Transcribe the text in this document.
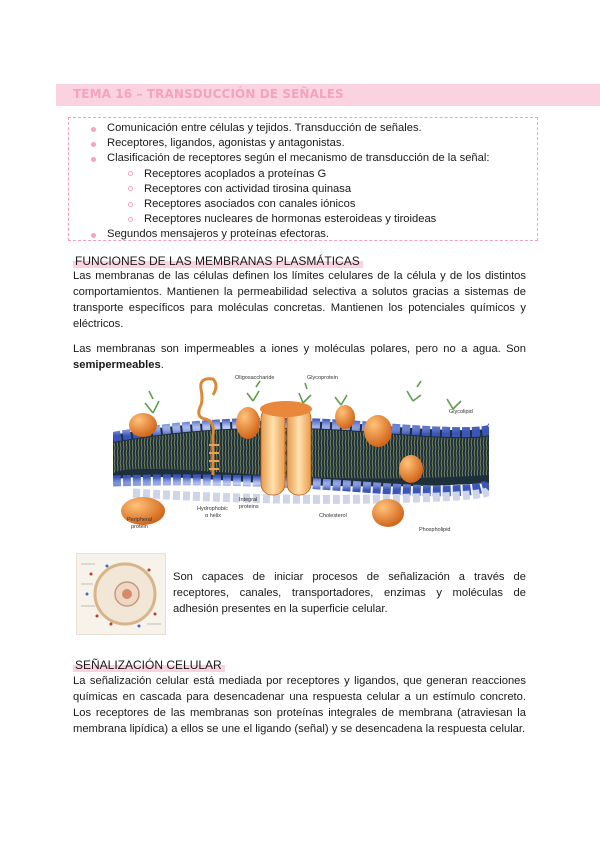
TEMA 16 – TRANSDUCCIÓN DE SEÑALES
Comunicación entre células y tejidos. Transducción de señales.
Receptores, ligandos, agonistas y antagonistas.
Clasificación de receptores según el mecanismo de transducción de la señal:
Receptores acoplados a proteínas G
Receptores con actividad tirosina quinasa
Receptores asociados con canales iónicos
Receptores nucleares de hormonas esteroideas y tiroideas
Segundos mensajeros y proteínas efectoras.
FUNCIONES DE LAS MEMBRANAS PLASMÁTICAS

Las membranas de las células definen los límites celulares de la célula y de los distintos comportamientos. Mantienen la permeabilidad selectiva a solutos gracias a sistemas de transporte específicos para moléculas concretas. Mantienen los potenciales químicos y eléctricos.

Las membranas son impermeables a iones y moléculas polares, pero no a agua. Son semipermeables.

Oligosaccharide	Glycoprotein
Glycolipid
Hydrophobic
α helix
Integral
proteins
Cholesterol
Peripheral
protein	Phospholipid

Son capaces de iniciar procesos de señalización a través de receptores, canales, transportadores, enzimas y moléculas de adhesión presentes en la superficie celular.

SEÑALIZACIÓN CELULAR

La señalización celular está mediada por receptores y ligandos, que generan reacciones químicas en cascada para desencadenar una respuesta celular a un estímulo concreto. Los receptores de las membranas son proteínas integrales de membrana (atraviesan la membrana lipídica) a ellos se une el ligando (señal) y se desencadena la respuesta celular.
